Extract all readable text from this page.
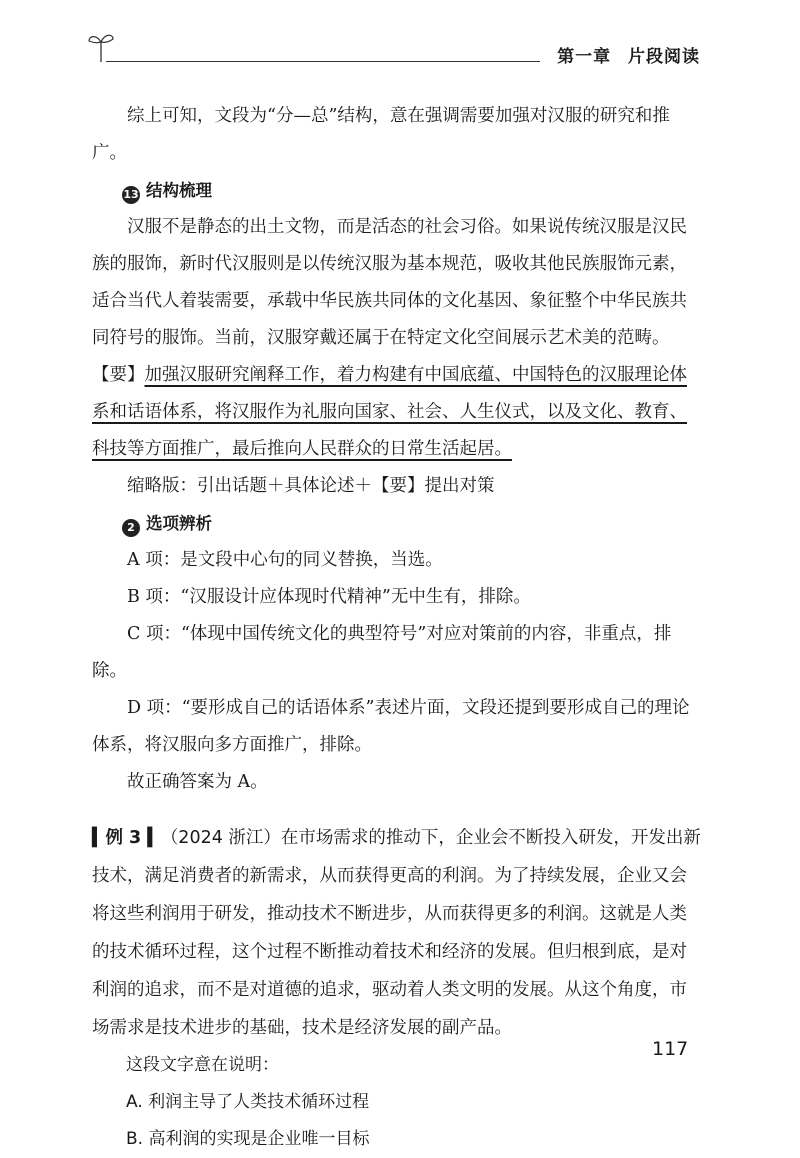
第一章 片段阅读

综上可知，文段为“分—总”结构，意在强调需要加强对汉服的研究和推广。

13 结构梳理

汉服不是静态的出土文物，而是活态的社会习俗。如果说传统汉服是汉民族的服饰，新时代汉服则是以传统汉服为基本规范，吸收其他民族服饰元素，适合当代人着装需要，承载中华民族共同体的文化基因、象征整个中华民族共同符号的服饰。当前，汉服穿戴还属于在特定文化空间展示艺术美的范畴。【要】加强汉服研究阐释工作，着力构建有中国底蕴、中国特色的汉服理论体系和话语体系，将汉服作为礼服向国家、社会、人生仪式，以及文化、教育、科技等方面推广，最后推向人民群众的日常生活起居。

缩略版：引出话题＋具体论述＋【要】提出对策

2 选项辨析

A 项：是文段中心句的同义替换，当选。

B 项：“汉服设计应体现时代精神”无中生有，排除。

C 项：“体现中国传统文化的典型符号”对应对策前的内容，非重点，排除。

D 项：“要形成自己的话语体系”表述片面，文段还提到要形成自己的理论体系，将汉服向多方面推广，排除。

故正确答案为 A。

▍例 3 ▍（2024 浙江）在市场需求的推动下，企业会不断投入研发，开发出新技术，满足消费者的新需求，从而获得更高的利润。为了持续发展，企业又会将这些利润用于研发，推动技术不断进步，从而获得更多的利润。这就是人类的技术循环过程，这个过程不断推动着技术和经济的发展。但归根到底，是对利润的追求，而不是对道德的追求，驱动着人类文明的发展。从这个角度，市场需求是技术进步的基础，技术是经济发展的副产品。

这段文字意在说明：
A. 利润主导了人类技术循环过程
B. 高利润的实现是企业唯一目标
117
